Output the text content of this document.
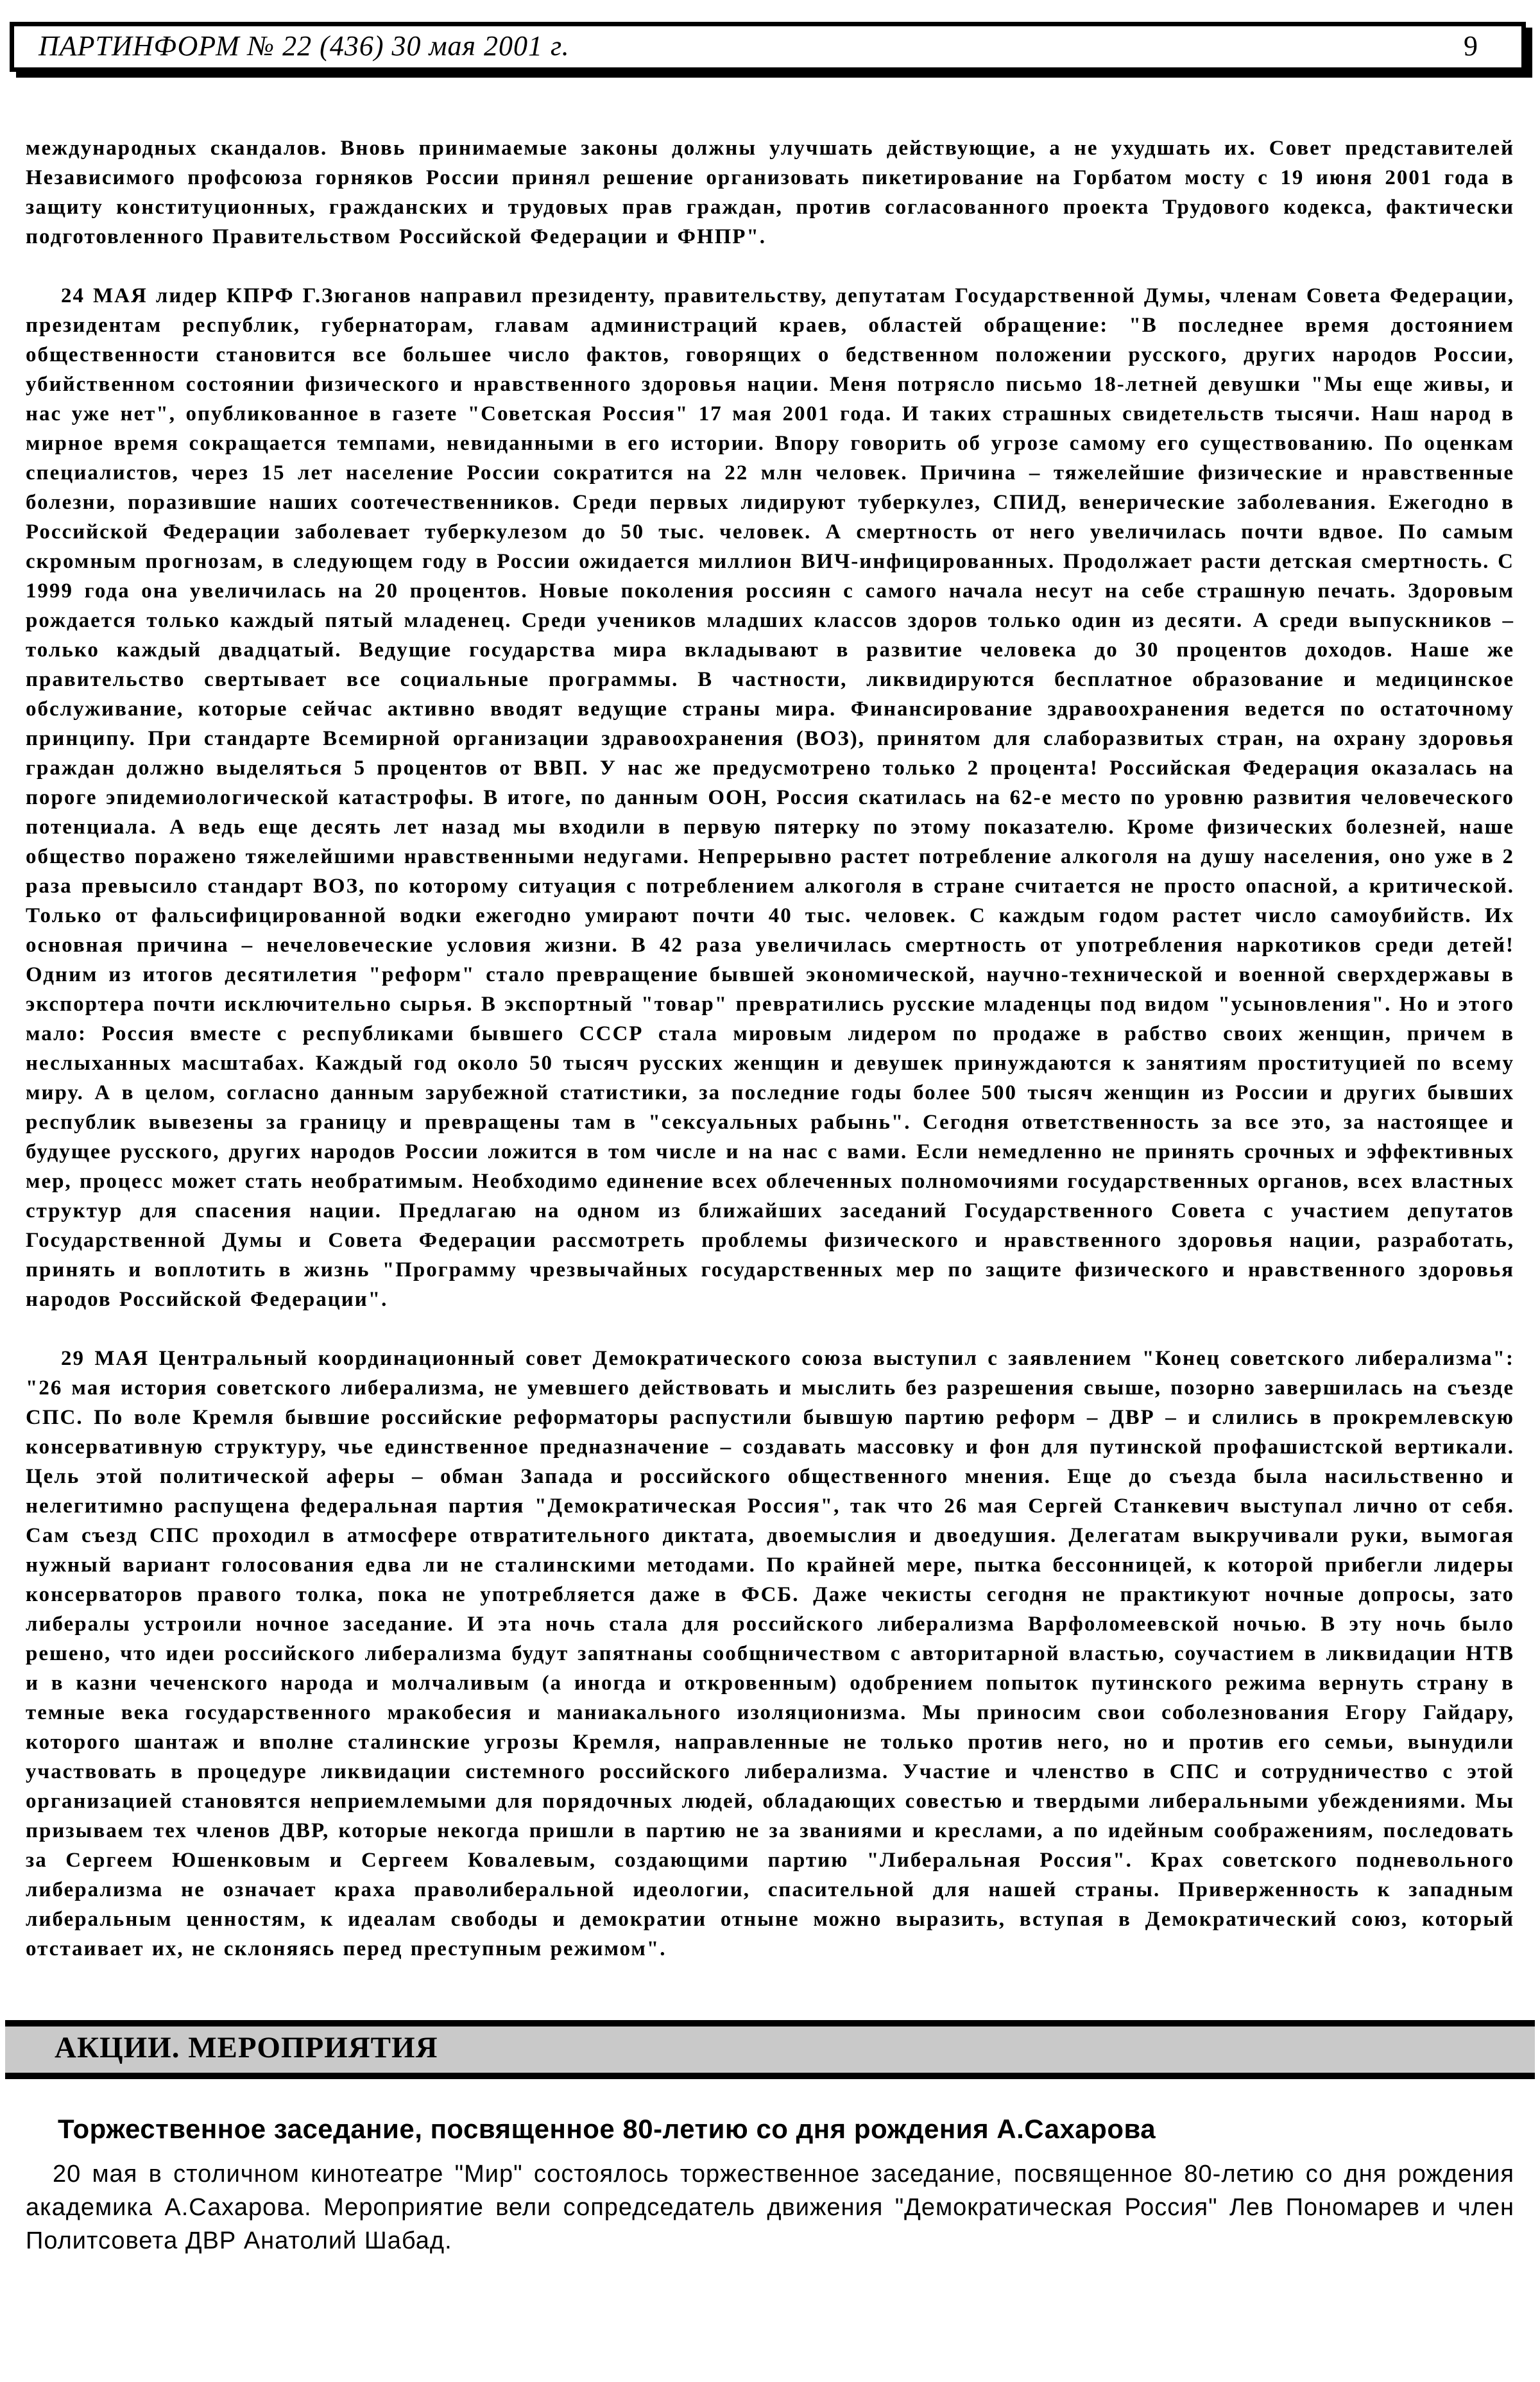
ПАРТИНФОРМ № 22 (436) 30 мая 2001 г.	9

международных скандалов. Вновь принимаемые законы должны улучшать действующие, а не ухудшать их. Совет представителей Независимого профсоюза горняков России принял решение организовать пикетирование на Горбатом мосту с 19 июня 2001 года в защиту конституционных, гражданских и трудовых прав граждан, против согласованного проекта Трудового кодекса, фактически подготовленного Правительством Российской Федерации и ФНПР".

24 МАЯ лидер КПРФ Г.Зюганов направил президенту, правительству, депутатам Государственной Думы, членам Совета Федерации, президентам республик, губернаторам, главам администраций краев, областей обращение: "В последнее время достоянием общественности становится все большее число фактов, говорящих о бедственном положении русского, других народов России, убийственном состоянии физического и нравственного здоровья нации. Меня потрясло письмо 18-летней девушки "Мы еще живы, и нас уже нет", опубликованное в газете "Советская Россия" 17 мая 2001 года. И таких страшных свидетельств тысячи. Наш народ в мирное время сокращается темпами, невиданными в его истории. Впору говорить об угрозе самому его существованию. По оценкам специалистов, через 15 лет население России сократится на 22 млн человек. Причина – тяжелейшие физические и нравственные болезни, поразившие наших соотечественников. Среди первых лидируют туберкулез, СПИД, венерические заболевания. Ежегодно в Российской Федерации заболевает туберкулезом до 50 тыс. человек. А смертность от него увеличилась почти вдвое. По самым скромным прогнозам, в следующем году в России ожидается миллион ВИЧ-инфицированных. Продолжает расти детская смертность. С 1999 года она увеличилась на 20 процентов. Новые поколения россиян с самого начала несут на себе страшную печать. Здоровым рождается только каждый пятый младенец. Среди учеников младших классов здоров только один из десяти. А среди выпускников – только каждый двадцатый. Ведущие государства мира вкладывают в развитие человека до 30 процентов доходов. Наше же правительство свертывает все социальные программы. В частности, ликвидируются бесплатное образование и медицинское обслуживание, которые сейчас активно вводят ведущие страны мира. Финансирование здравоохранения ведется по остаточному принципу. При стандарте Всемирной организации здравоохранения (ВОЗ), принятом для слаборазвитых стран, на охрану здоровья граждан должно выделяться 5 процентов от ВВП. У нас же предусмотрено только 2 процента! Российская Федерация оказалась на пороге эпидемиологической катастрофы. В итоге, по данным ООН, Россия скатилась на 62-е место по уровню развития человеческого потенциала. А ведь еще десять лет назад мы входили в первую пятерку по этому показателю. Кроме физических болезней, наше общество поражено тяжелейшими нравственными недугами. Непрерывно растет потребление алкоголя на душу населения, оно уже в 2 раза превысило стандарт ВОЗ, по которому ситуация с потреблением алкоголя в стране считается не просто опасной, а критической. Только от фальсифицированной водки ежегодно умирают почти 40 тыс. человек. С каждым годом растет число самоубийств. Их основная причина – нечеловеческие условия жизни. В 42 раза увеличилась смертность от употребления наркотиков среди детей! Одним из итогов десятилетия "реформ" стало превращение бывшей экономической, научно-технической и военной сверхдержавы в экспортера почти исключительно сырья. В экспортный "товар" превратились русские младенцы под видом "усыновления". Но и этого мало: Россия вместе с республиками бывшего СССР стала мировым лидером по продаже в рабство своих женщин, причем в неслыханных масштабах. Каждый год около 50 тысяч русских женщин и девушек принуждаются к занятиям проституцией по всему миру. А в целом, согласно данным зарубежной статистики, за последние годы более 500 тысяч женщин из России и других бывших республик вывезены за границу и превращены там в "сексуальных рабынь". Сегодня ответственность за все это, за настоящее и будущее русского, других народов России ложится в том числе и на нас с вами. Если немедленно не принять срочных и эффективных мер, процесс может стать необратимым. Необходимо единение всех облеченных полномочиями государственных органов, всех властных структур для спасения нации. Предлагаю на одном из ближайших заседаний Государственного Совета с участием депутатов Государственной Думы и Совета Федерации рассмотреть проблемы физического и нравственного здоровья нации, разработать, принять и воплотить в жизнь "Программу чрезвычайных государственных мер по защите физического и нравственного здоровья народов Российской Федерации".

29 МАЯ Центральный координационный совет Демократического союза выступил с заявлением "Конец советского либерализма": "26 мая история советского либерализма, не умевшего действовать и мыслить без разрешения свыше, позорно завершилась на съезде СПС. По воле Кремля бывшие российские реформаторы распустили бывшую партию реформ – ДВР – и слились в прокремлевскую консервативную структуру, чье единственное предназначение – создавать массовку и фон для путинской профашистской вертикали. Цель этой политической аферы – обман Запада и российского общественного мнения. Еще до съезда была насильственно и нелегитимно распущена федеральная партия "Демократическая Россия", так что 26 мая Сергей Станкевич выступал лично от себя. Сам съезд СПС проходил в атмосфере отвратительного диктата, двоемыслия и двоедушия. Делегатам выкручивали руки, вымогая нужный вариант голосования едва ли не сталинскими методами. По крайней мере, пытка бессонницей, к которой прибегли лидеры консерваторов правого толка, пока не употребляется даже в ФСБ. Даже чекисты сегодня не практикуют ночные допросы, зато либералы устроили ночное заседание. И эта ночь стала для российского либерализма Варфоломеевской ночью. В эту ночь было решено, что идеи российского либерализма будут запятнаны сообщничеством с авторитарной властью, соучастием в ликвидации НТВ и в казни чеченского народа и молчаливым (а иногда и откровенным) одобрением попыток путинского режима вернуть страну в темные века государственного мракобесия и маниакального изоляционизма. Мы приносим свои соболезнования Егору Гайдару, которого шантаж и вполне сталинские угрозы Кремля, направленные не только против него, но и против его семьи, вынудили участвовать в процедуре ликвидации системного российского либерализма. Участие и членство в СПС и сотрудничество с этой организацией становятся неприемлемыми для порядочных людей, обладающих совестью и твердыми либеральными убеждениями. Мы призываем тех членов ДВР, которые некогда пришли в партию не за званиями и креслами, а по идейным соображениям, последовать за Сергеем Юшенковым и Сергеем Ковалевым, создающими партию "Либеральная Россия". Крах советского подневольного либерализма не означает краха праволиберальной идеологии, спасительной для нашей страны. Приверженность к западным либеральным ценностям, к идеалам свободы и демократии отныне можно выразить, вступая в Демократический союз, который отстаивает их, не склоняясь перед преступным режимом".

АКЦИИ. МЕРОПРИЯТИЯ
Торжественное заседание, посвященное 80-летию со дня рождения А.Сахарова

20 мая в столичном кинотеатре "Мир" состоялось торжественное заседание, посвященное 80-летию со дня рождения академика А.Сахарова. Мероприятие вели сопредседатель движения "Демократическая Россия" Лев Пономарев и член Политсовета ДВР Анатолий Шабад.
